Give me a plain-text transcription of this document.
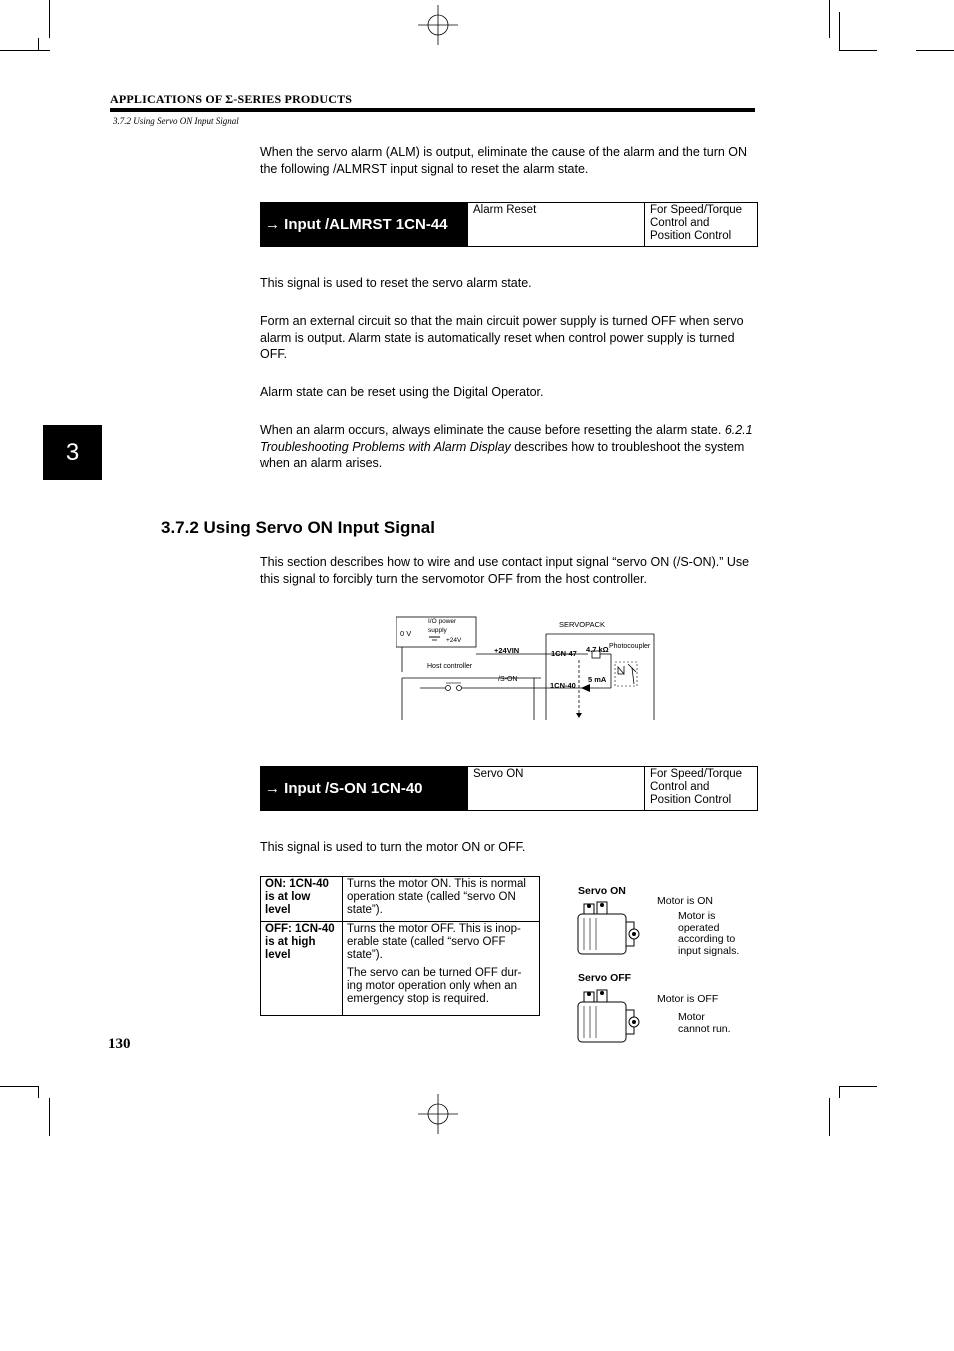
APPLICATIONS OF Σ-SERIES PRODUCTS
3.7.2 Using Servo ON Input Signal
When the servo alarm (ALM) is output, eliminate the cause of the alarm and the turn ON the following /ALMRST input signal to reset the alarm state.
→ Input /ALMRST 1CN-44
Alarm Reset	For Speed/Torque
Control and
Position Control
This signal is used to reset the servo alarm state.
Form an external circuit so that the main circuit power supply is turned OFF when servo alarm is output. Alarm state is automatically reset when control power supply is turned OFF.
Alarm state can be reset using the Digital Operator.
When an alarm occurs, always eliminate the cause before resetting the alarm state. 6.2.1 Troubleshooting Problems with Alarm Display describes how to troubleshoot the system when an alarm arises.
3
3.7.2 Using Servo ON Input Signal
This section describes how to wire and use contact input signal “servo ON (/S-ON).” Use this signal to forcibly turn the servomotor OFF from the host controller.
0 V
I/O power
supply
+24V
+24VIN
SERVOPACK
Host controller
/S-ON
1CN-47 4.7 kΩ Photocoupler
1CN-40
5 mA
→ Input /S-ON 1CN-40
Servo ON	For Speed/Torque
Control and
Position Control
This signal is used to turn the motor ON or OFF.
ON: 1CN-40 is at low level	Turns the motor ON. This is normal operation state (called “servo ON state”).
OFF: 1CN-40 is at high level	Turns the motor OFF. This is inop-erable state (called “servo OFF state”).

The servo can be turned OFF dur-ing motor operation only when an emergency stop is required.

Servo ON
Motor is ON
Motor is operated according to input signals.
Servo OFF
Motor is OFF
Motor cannot run.
130
